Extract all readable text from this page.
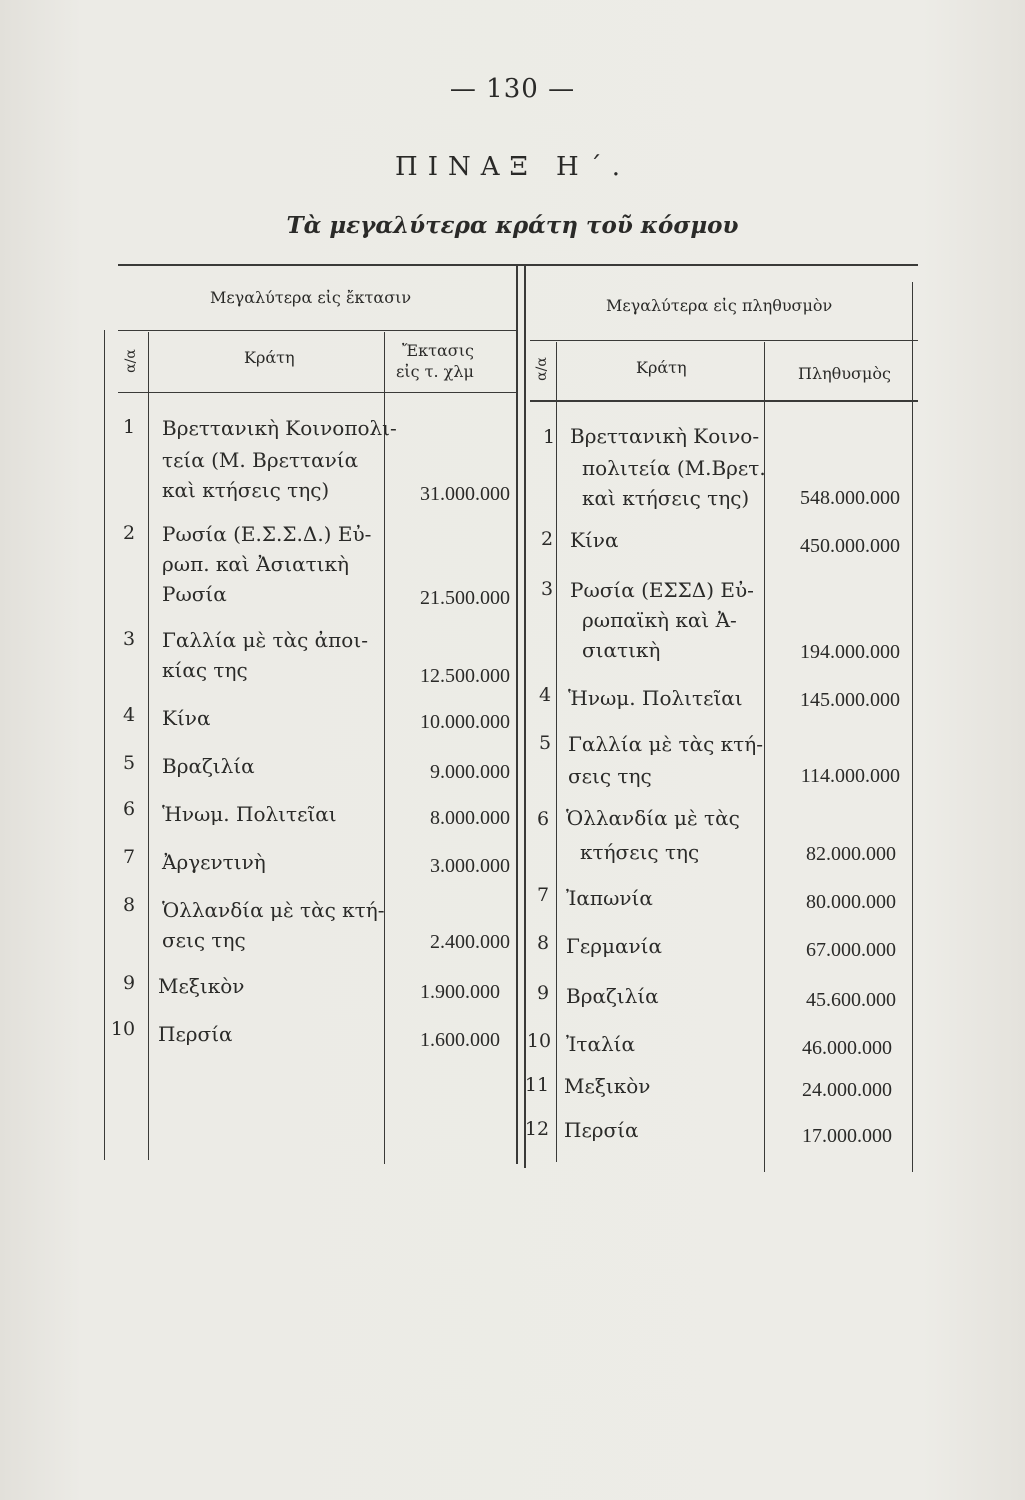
— 130 —
ΠΙΝΑΞ Η΄.
Τὰ μεγαλύτερα κράτη τοῦ κόσμου
Μεγαλύτερα εἰς ἔκτασιν
α/α	Κράτη	Ἔκτασις
εἰς τ. χλμ
Μεγαλύτερα εἰς πληθυσμὸν
α/α	Κράτη	Πληθυσμὸς
1	Βρεττανικὴ Κοινοπολι-
τεία (Μ. Βρεττανία
καὶ κτήσεις της)	31.000.000
2	Ρωσία (Ε.Σ.Σ.Δ.) Εὐ-
ρωπ. καὶ Ἀσιατικὴ
Ρωσία	21.500.000
3	Γαλλία μὲ τὰς ἀποι-
κίας της	12.500.000
4	Κίνα	10.000.000
5	Βραζιλία	9.000.000
6	Ἡνωμ. Πολιτεῖαι	8.000.000
7	Ἀργεντινὴ	3.000.000
8	Ὁλλανδία μὲ τὰς κτή-
σεις της	2.400.000
9	Μεξικὸν	1.900.000
10 Περσία	1.600.000
1 Βρεττανικὴ Κοινο-
πολιτεία (Μ.Βρετ.
καὶ κτήσεις της)	548.000.000
2 Κίνα	450.000.000
3 Ρωσία (ΕΣΣΔ) Εὐ-
ρωπαϊκὴ καὶ Ἀ-
σιατικὴ	194.000.000
4 Ἡνωμ. Πολιτεῖαι	145.000.000
5 Γαλλία μὲ τὰς κτή-
σεις της	114.000.000
6 Ὁλλανδία μὲ τὰς
κτήσεις της	82.000.000
7 Ἰαπωνία	80.000.000
8 Γερμανία	67.000.000
9 Βραζιλία	45.600.000
10 Ἰταλία	46.000.000
11 Μεξικὸν	24.000.000
12 Περσία	17.000.000
